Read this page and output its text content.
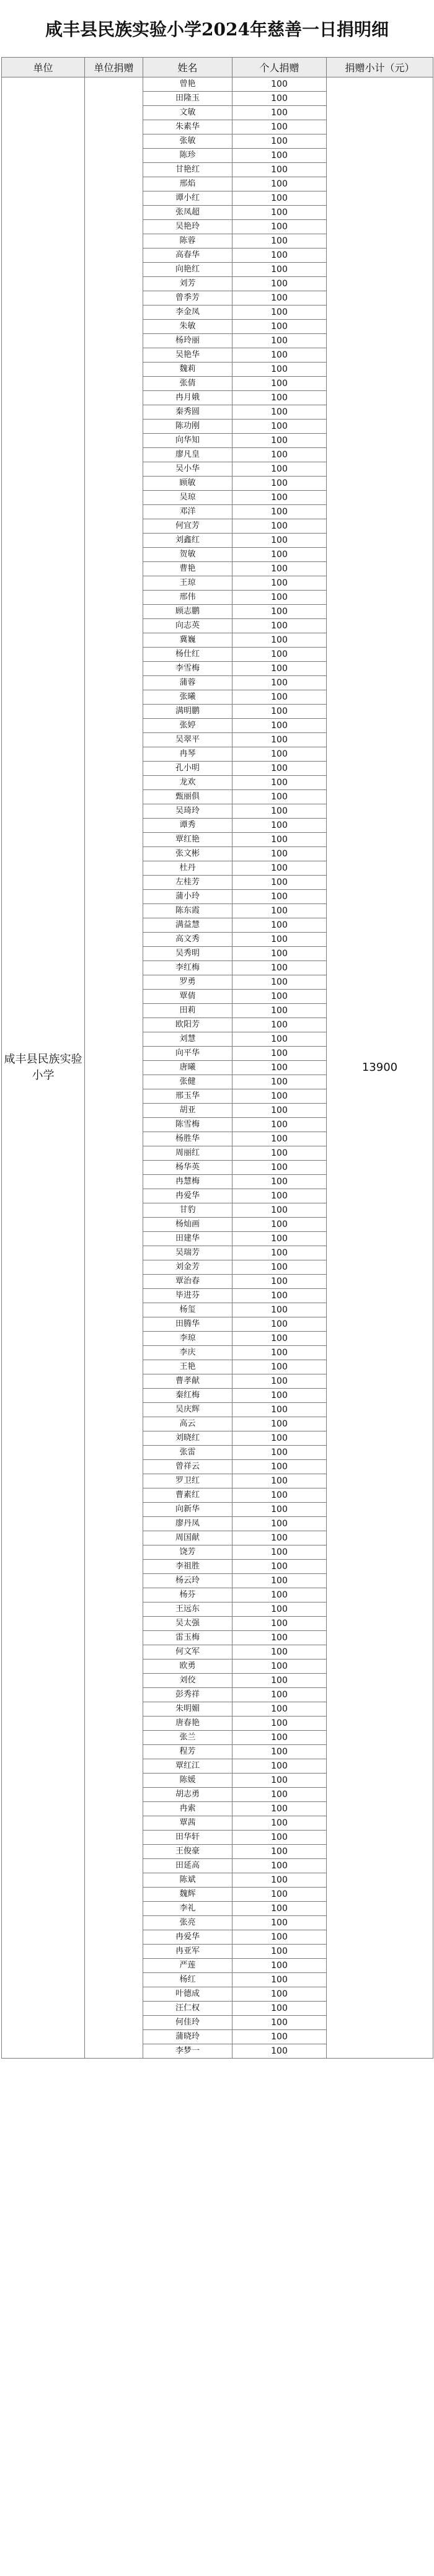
咸丰县民族实验小学2024年慈善一日捐明细
单位	单位捐赠	姓名	个人捐赠	捐赠小计（元）
咸丰县民族实验小学		曾艳	100	13900
		田隆玉	100	
		文敏	100	
		朱素华	100	
		张敏	100	
		陈珍	100	
		甘艳红	100	
		邢焰	100	
		谭小红	100	
		张凤超	100	
		吴艳玲	100	
		陈蓉	100	
		高春华	100	
		向艳红	100	
		刘芳	100	
		曾季芳	100	
		李金凤	100	
		朱敏	100	
		杨玲丽	100	
		吴艳华	100	
		魏莉	100	
		张倩	100	
		冉月娥	100	
		秦秀圆	100	
		陈功刚	100	
		向华知	100	
		廖凡皇	100	
		吴小华	100	
		顾敏	100	
		吴琼	100	
		邓洋	100	
		何宜芳	100	
		刘鑫红	100	
		贺敏	100	
		曹艳	100	
		王琼	100	
		邢伟	100	
		顾志鹏	100	
		向志英	100	
		冀巍	100	
		杨仕红	100	
		李雪梅	100	
		蒲蓉	100	
		张曦	100	
		满明鹏	100	
		张婷	100	
		吴翠平	100	
		冉琴	100	
		孔小明	100	
		龙欢	100	
		甄丽俱	100	
		吴琦玲	100	
		谭秀	100	
		覃红艳	100	
		张文彬	100	
		杜丹	100	
		左桂芳	100	
		蒲小玲	100	
		陈东霞	100	
		满益慧	100	
		高文秀	100	
		吴秀明	100	
		李红梅	100	
		罗勇	100	
		覃倩	100	
		田莉	100	
		欧阳芳	100	
		刘慧	100	
		向平华	100	
		唐曦	100	
		张健	100	
		邢玉华	100	
		胡亚	100	
		陈雪梅	100	
		杨胜华	100	
		周丽红	100	
		杨华英	100	
		冉慧梅	100	
		冉爱华	100	
		甘豹	100	
		杨灿画	100	
		田建华	100	
		吴瑞芳	100	
		刘金芳	100	
		覃治春	100	
		毕进芬	100	
		杨玺	100	
		田腾华	100	
		李琼	100	
		李庆	100	
		王艳	100	
		曹孝献	100	
		秦红梅	100	
		吴庆辉	100	
		高云	100	
		刘晓红	100	
		张雷	100	
		曾祥云	100	
		罗卫红	100	
		曹素红	100	
		向新华	100	
		廖丹凤	100	
		周国献	100	
		饶芳	100	
		李祖胜	100	
		杨云玲	100	
		杨芬	100	
		王远东	100	
		吴太强	100	
		雷玉梅	100	
		何文军	100	
		欧勇	100	
		刘佼	100	
		彭秀祥	100	
		朱明媚	100	
		唐春艳	100	
		张兰	100	
		程芳	100	
		覃红江	100	
		陈媛	100	
		胡志勇	100	
		冉索	100	
		覃茜	100	
		田华轩	100	
		王俊豪	100	
		田延高	100	
		陈斌	100	
		魏辉	100	
		李礼	100	
		张亮	100	
		冉爱华	100	
		冉亚军	100	
		严莲	100	
		杨红	100	
		叶德成	100	
		汪仁权	100	
		何佳玲	100	
		蒲晓玲	100	
		李梦一	100	
